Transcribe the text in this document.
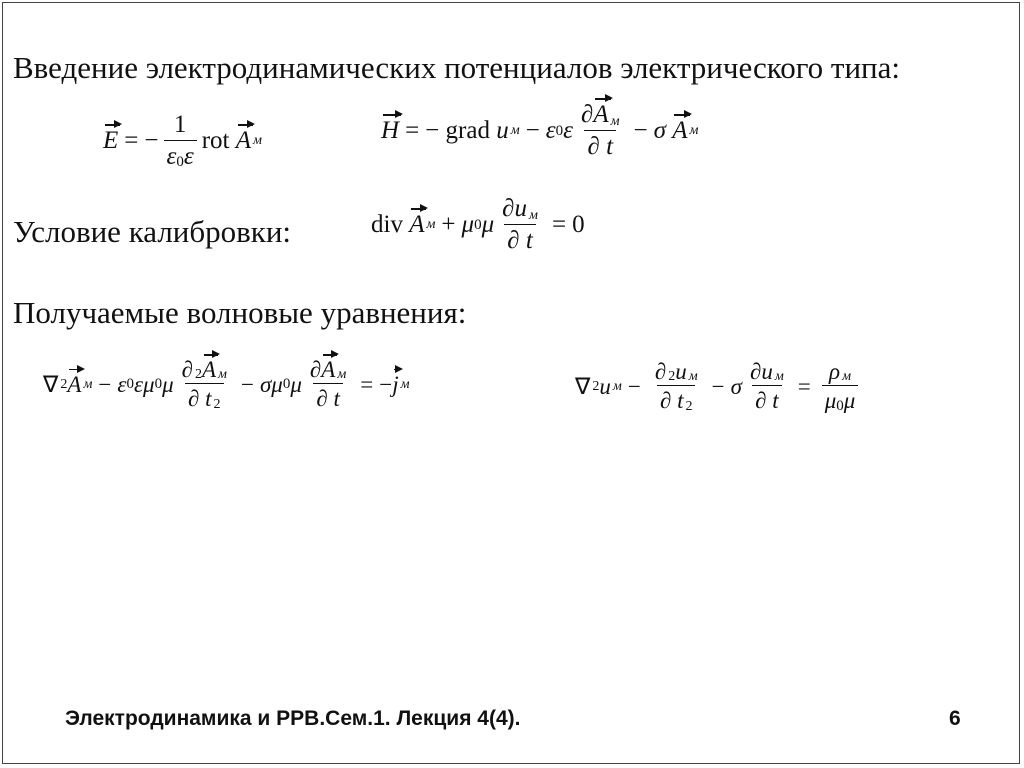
Введение электродинамических потенциалов электрического типа:
E = − $\frac{1}{\varepsilon 0 \varepsilon}$ rot A м	H = − grad u м − ε 0 ε $\frac{\partial A_м}{\partial t} - \sigma$ A м
Условие калибровки:	div A м + μ 0 μ $\frac{\partial u_м}{\partial t} = 0$
Получаемые волновые уравнения:
∇ 2 A м − ε 0 εμ 0 μ $\frac{\partial_2 A_м}{\partial t_2} - \sigma\mu$ 0 μ $\frac{\partial A_м}{\partial t}$ = − j м	∇ 2 u $м - \frac{\partial_2 u_м}{\partial t_2} - \sigma \frac{\partial u_м}{\partial t} = \frac{\rho_м}{\mu 0 \mu}$
Электродинамика и РРВ.Сем.1. Лекция 4(4).	6
